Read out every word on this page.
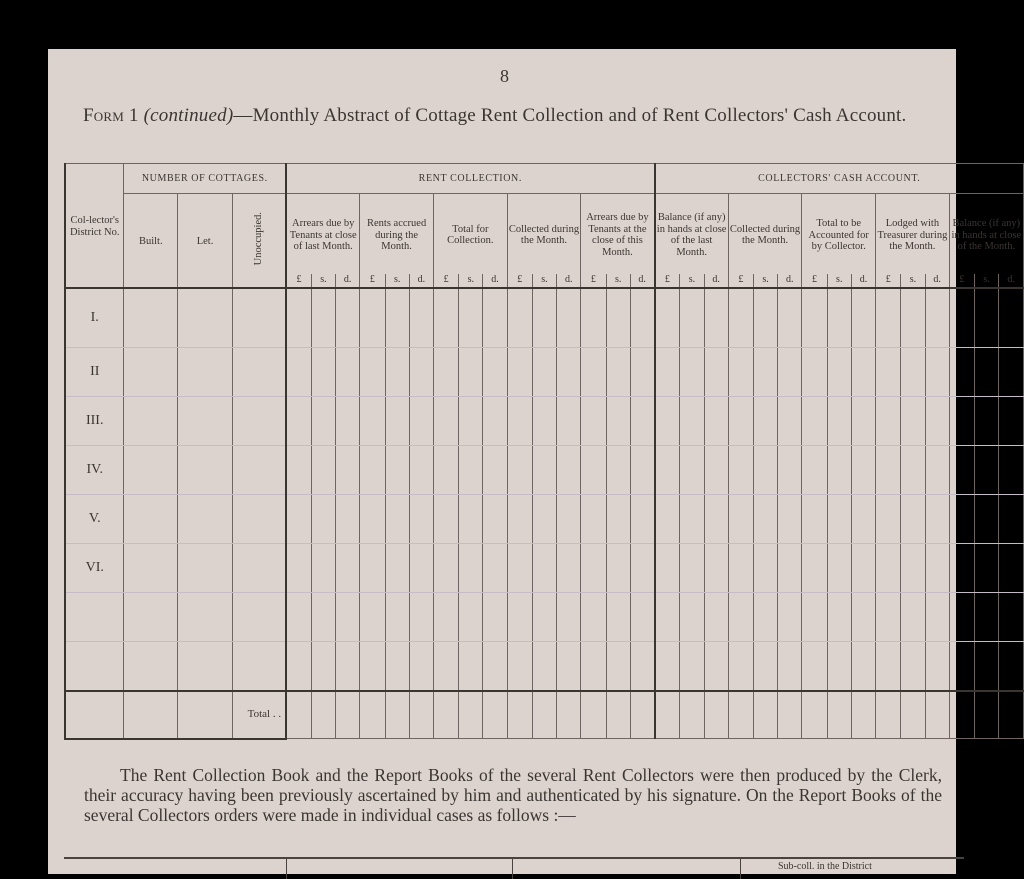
8
Form 1 (continued)—Monthly Abstract of Cottage Rent Collection and of Rent Collectors' Cash Account.
Col-lector's District No.	NUMBER OF COTTAGES.			RENT COLLECTION.															COLLECTORS' CASH ACCOUNT.														
	Built.	Let.	Unoccupied.	Arrears due by Tenants at close of last Month.			Rents accrued during the Month.			Total for Collection.			Collected during the Month.			Arrears due by Tenants at the close of this Month.			Balance (if any) in hands at close of the last Month.			Collected during the Month.			Total to be Accounted for by Collector.			Lodged with Treasurer during the Month.			Balance (if any) in hands at close of the Month.		
				£	s.	d.	£	s.	d.	£	s.	d.	£	s.	d.	£	s.	d.	£	s.	d.	£	s.	d.	£	s.	d.	£	s.	d.	£	s.	d.
I.																																	
II																																	
III.																																	
IV.																																	
V.																																	
VI.																																	

			Total . .																														
The Rent Collection Book and the Report Books of the several Rent Collectors were then produced by the Clerk, their accuracy having been previously ascertained by him and authenticated by his signature. On the Report Books of the several Collectors orders were made in individual cases as follows :—
Sub-coll. in the District
